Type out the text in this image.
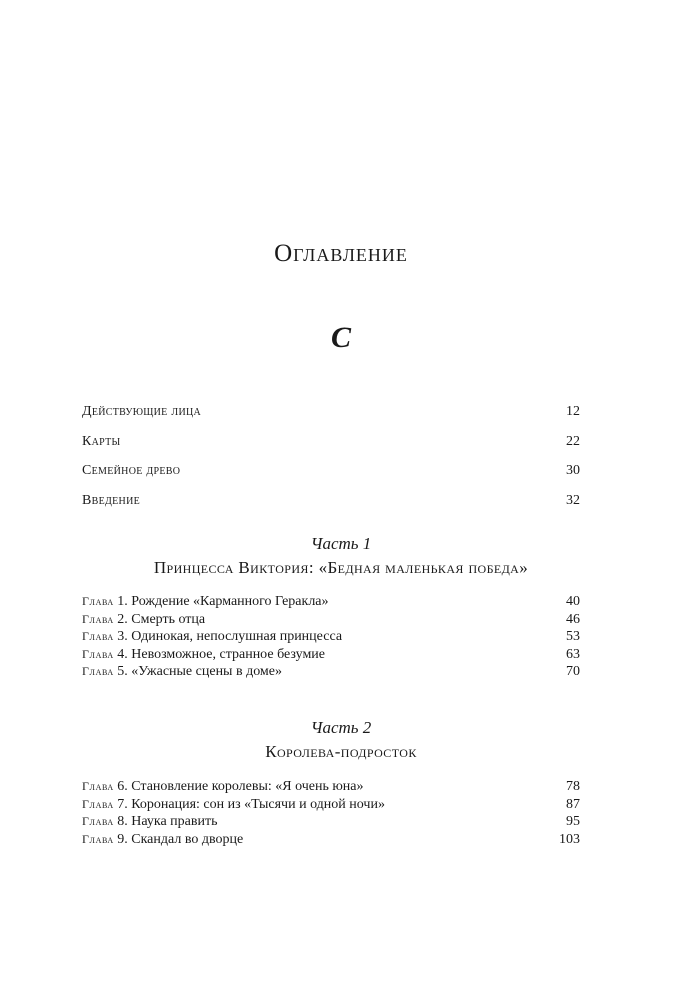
Оглавление
C
Действующие лица	12
Карты	22
Семейное древо	30
Введение	32
Часть 1
Принцесса Виктория: «Бедная маленькая победа»
Глава 1. Рождение «Карманного Геракла»	40
Глава 2. Смерть отца	46
Глава 3. Одинокая, непослушная принцесса	53
Глава 4. Невозможное, странное безумие	63
Глава 5. «Ужасные сцены в доме»	70
Часть 2
Королева-подросток
Глава 6. Становление королевы: «Я очень юна»	78
Глава 7. Коронация: сон из «Тысячи и одной ночи»	87
Глава 8. Наука править	95
Глава 9. Скандал во дворце	103
